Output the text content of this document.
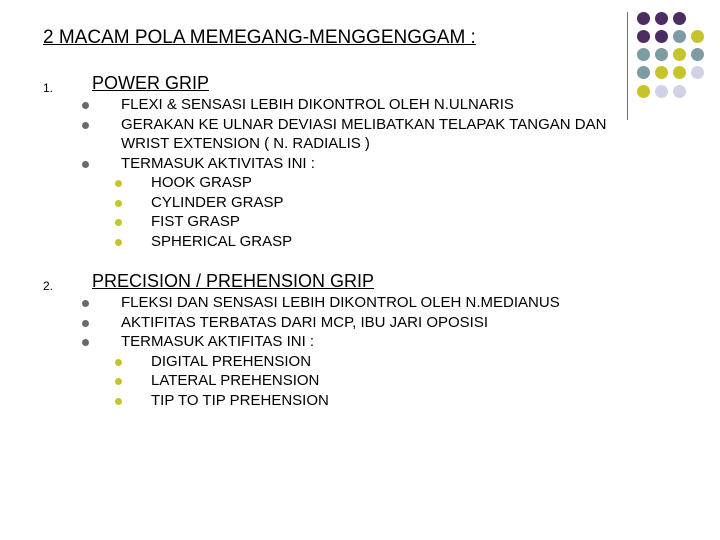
2 MACAM POLA MEMEGANG-MENGGENGGAM :
1. POWER GRIP
FLEXI & SENSASI LEBIH DIKONTROL OLEH N.ULNARIS
GERAKAN KE ULNAR DEVIASI MELIBATKAN TELAPAK TANGAN DAN
WRIST EXTENSION ( N. RADIALIS )
TERMASUK AKTIVITAS INI :
HOOK GRASP
CYLINDER GRASP
FIST GRASP
SPHERICAL GRASP
2. PRECISION / PREHENSION GRIP
FLEKSI DAN SENSASI LEBIH DIKONTROL OLEH N.MEDIANUS
AKTIFITAS TERBATAS DARI MCP, IBU JARI OPOSISI
TERMASUK AKTIFITAS INI :
DIGITAL PREHENSION
LATERAL PREHENSION
TIP TO TIP PREHENSION
